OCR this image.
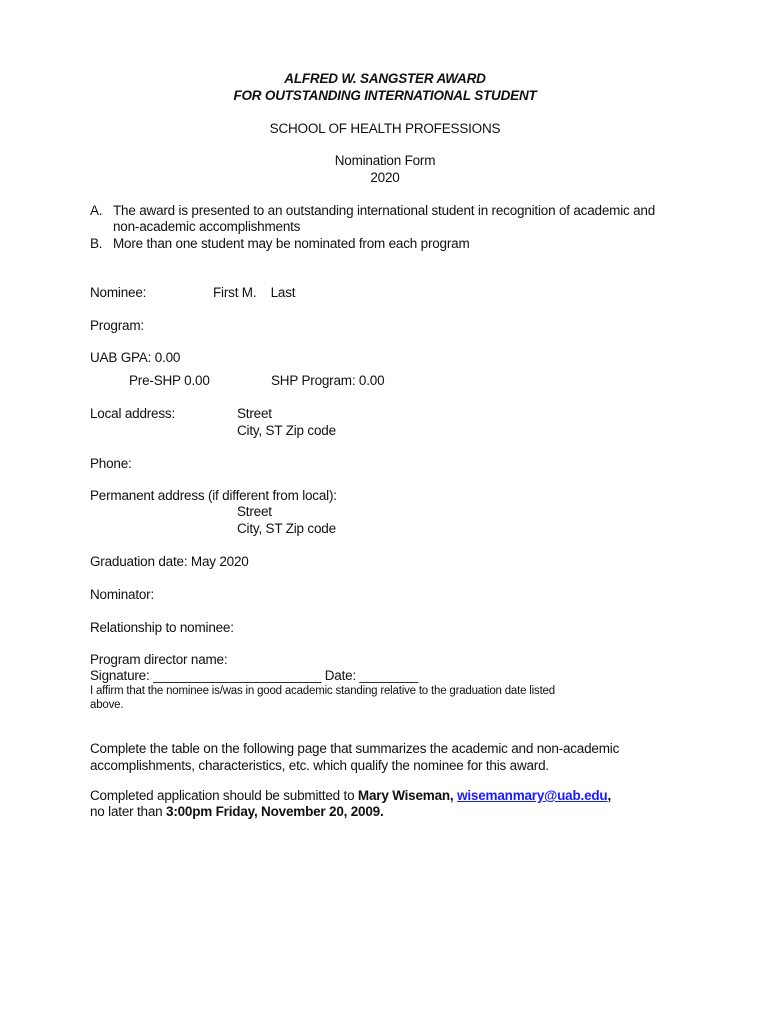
ALFRED W. SANGSTER AWARD
FOR OUTSTANDING INTERNATIONAL STUDENT
SCHOOL OF HEALTH PROFESSIONS
Nomination Form
2020
A. The award is presented to an outstanding international student in recognition of academic and
non-academic accomplishments
B. More than one student may be nominated from each program
Nominee:	First M.    Last
Program:
UAB GPA: 0.00
Pre-SHP 0.00	SHP Program: 0.00
Local address:	Street
City, ST Zip code
Phone:
Permanent address (if different from local):
Street
City, ST Zip code
Graduation date: May 2020
Nominator:
Relationship to nominee:
Program director name:
Signature: _______________________ Date: ________
I affirm that the nominee is/was in good academic standing relative to the graduation date listed
above.
Complete the table on the following page that summarizes the academic and non-academic
accomplishments, characteristics, etc. which qualify the nominee for this award.
Completed application should be submitted to Mary Wiseman, wisemanmary@uab.edu,
no later than 3:00pm Friday, November 20, 2009.
